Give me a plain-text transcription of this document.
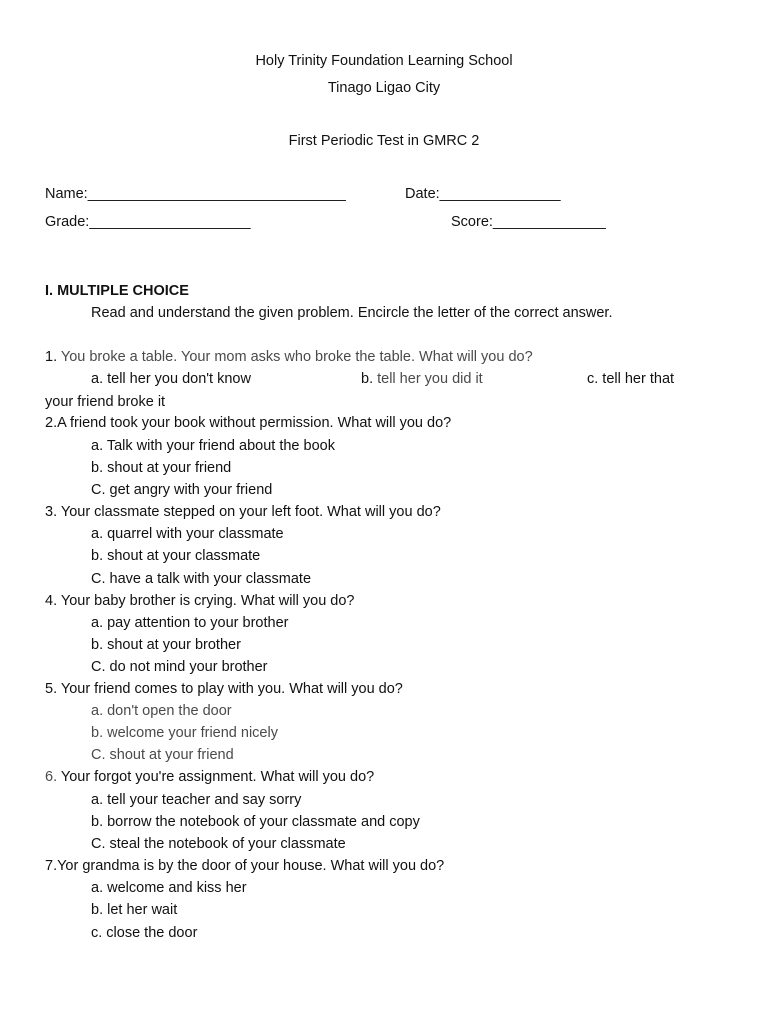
Holy Trinity Foundation Learning School
Tinago Ligao City
First Periodic Test in GMRC 2
Name:________________________________	Date:_______________
Grade:____________________	Score:______________
I. MULTIPLE CHOICE
Read and understand the given problem. Encircle the letter of the correct answer.
1. You broke a table. Your mom asks who broke the table. What will you do?
a. tell her you don't know	b. tell her you did it	c. tell her that
your friend broke it
2.A friend took your book without permission. What will you do?
a. Talk with your friend about the book
b. shout at your friend
C. get angry with your friend
3. Your classmate stepped on your left foot. What will you do?
a. quarrel with your classmate
b. shout at your classmate
C. have a talk with your classmate
4. Your baby brother is crying. What will you do?
a. pay attention to your brother
b. shout at your brother
C. do not mind your brother
5. Your friend comes to play with you. What will you do?
a. don't open the door
b. welcome your friend nicely
C. shout at your friend
6. Your forgot you're assignment. What will you do?
a. tell your teacher and say sorry
b. borrow the notebook of your classmate and copy
C. steal the notebook of your classmate
7.Yor grandma is by the door of your house. What will you do?
a. welcome and kiss her
b. let her wait
c. close the door
